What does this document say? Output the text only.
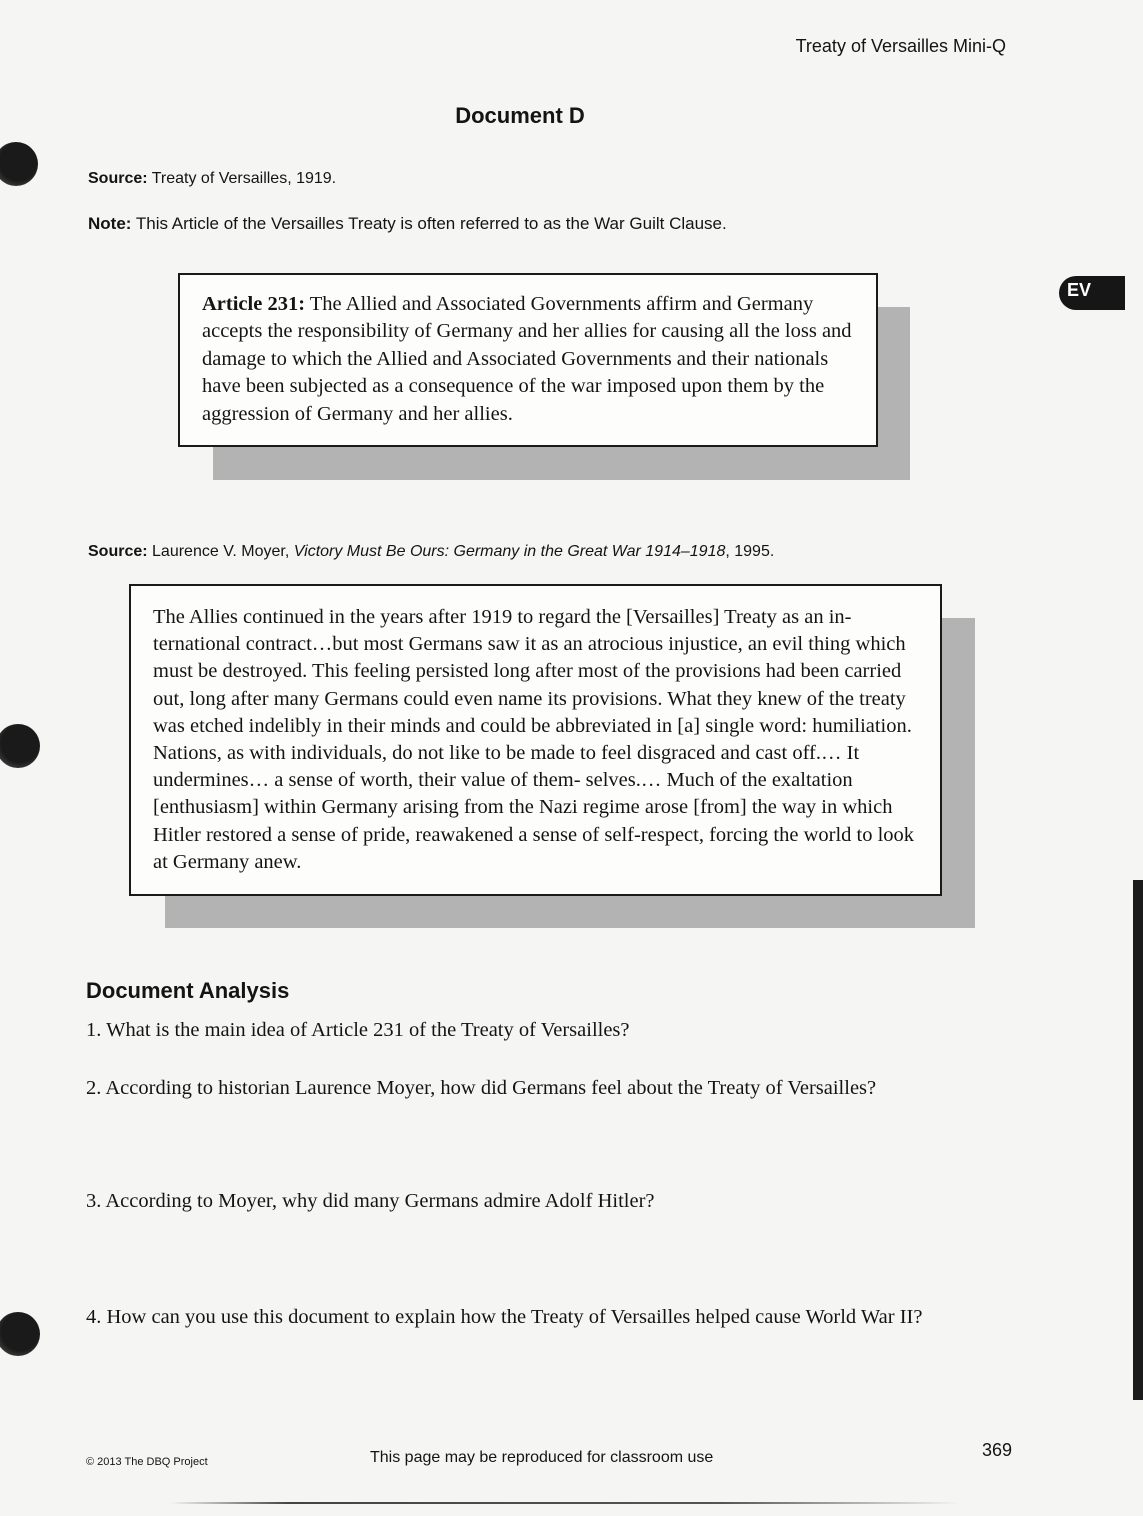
Treaty of Versailles Mini-Q
Document D
Source: Treaty of Versailles, 1919.
Note: This Article of the Versailles Treaty is often referred to as the War Guilt Clause.
EV
Article 231: The Allied and Associated Governments affirm and Germany accepts the responsibility of Germany and her allies for causing all the loss and damage to which the Allied and Associated Governments and their nationals have been subjected as a consequence of the war imposed upon them by the aggression of Germany and her allies.
Source: Laurence V. Moyer, Victory Must Be Ours: Germany in the Great War 1914–1918, 1995.
The Allies continued in the years after 1919 to regard the [Versailles] Treaty as an in- ternational contract…but most Germans saw it as an atrocious injustice, an evil thing which must be destroyed. This feeling persisted long after most of the provisions had been carried out, long after many Germans could even name its provisions. What they knew of the treaty was etched indelibly in their minds and could be abbreviated in [a] single word: humiliation. Nations, as with individuals, do not like to be made to feel disgraced and cast off.… It undermines… a sense of worth, their value of them- selves.… Much of the exaltation [enthusiasm] within Germany arising from the Nazi regime arose [from] the way in which Hitler restored a sense of pride, reawakened a sense of self-respect, forcing the world to look at Germany anew.
Document Analysis
1. What is the main idea of Article 231 of the Treaty of Versailles?
2. According to historian Laurence Moyer, how did Germans feel about the Treaty of Versailles?
3. According to Moyer, why did many Germans admire Adolf Hitler?
4. How can you use this document to explain how the Treaty of Versailles helped cause World War II?
© 2013 The DBQ Project	This page may be reproduced for classroom use	369
